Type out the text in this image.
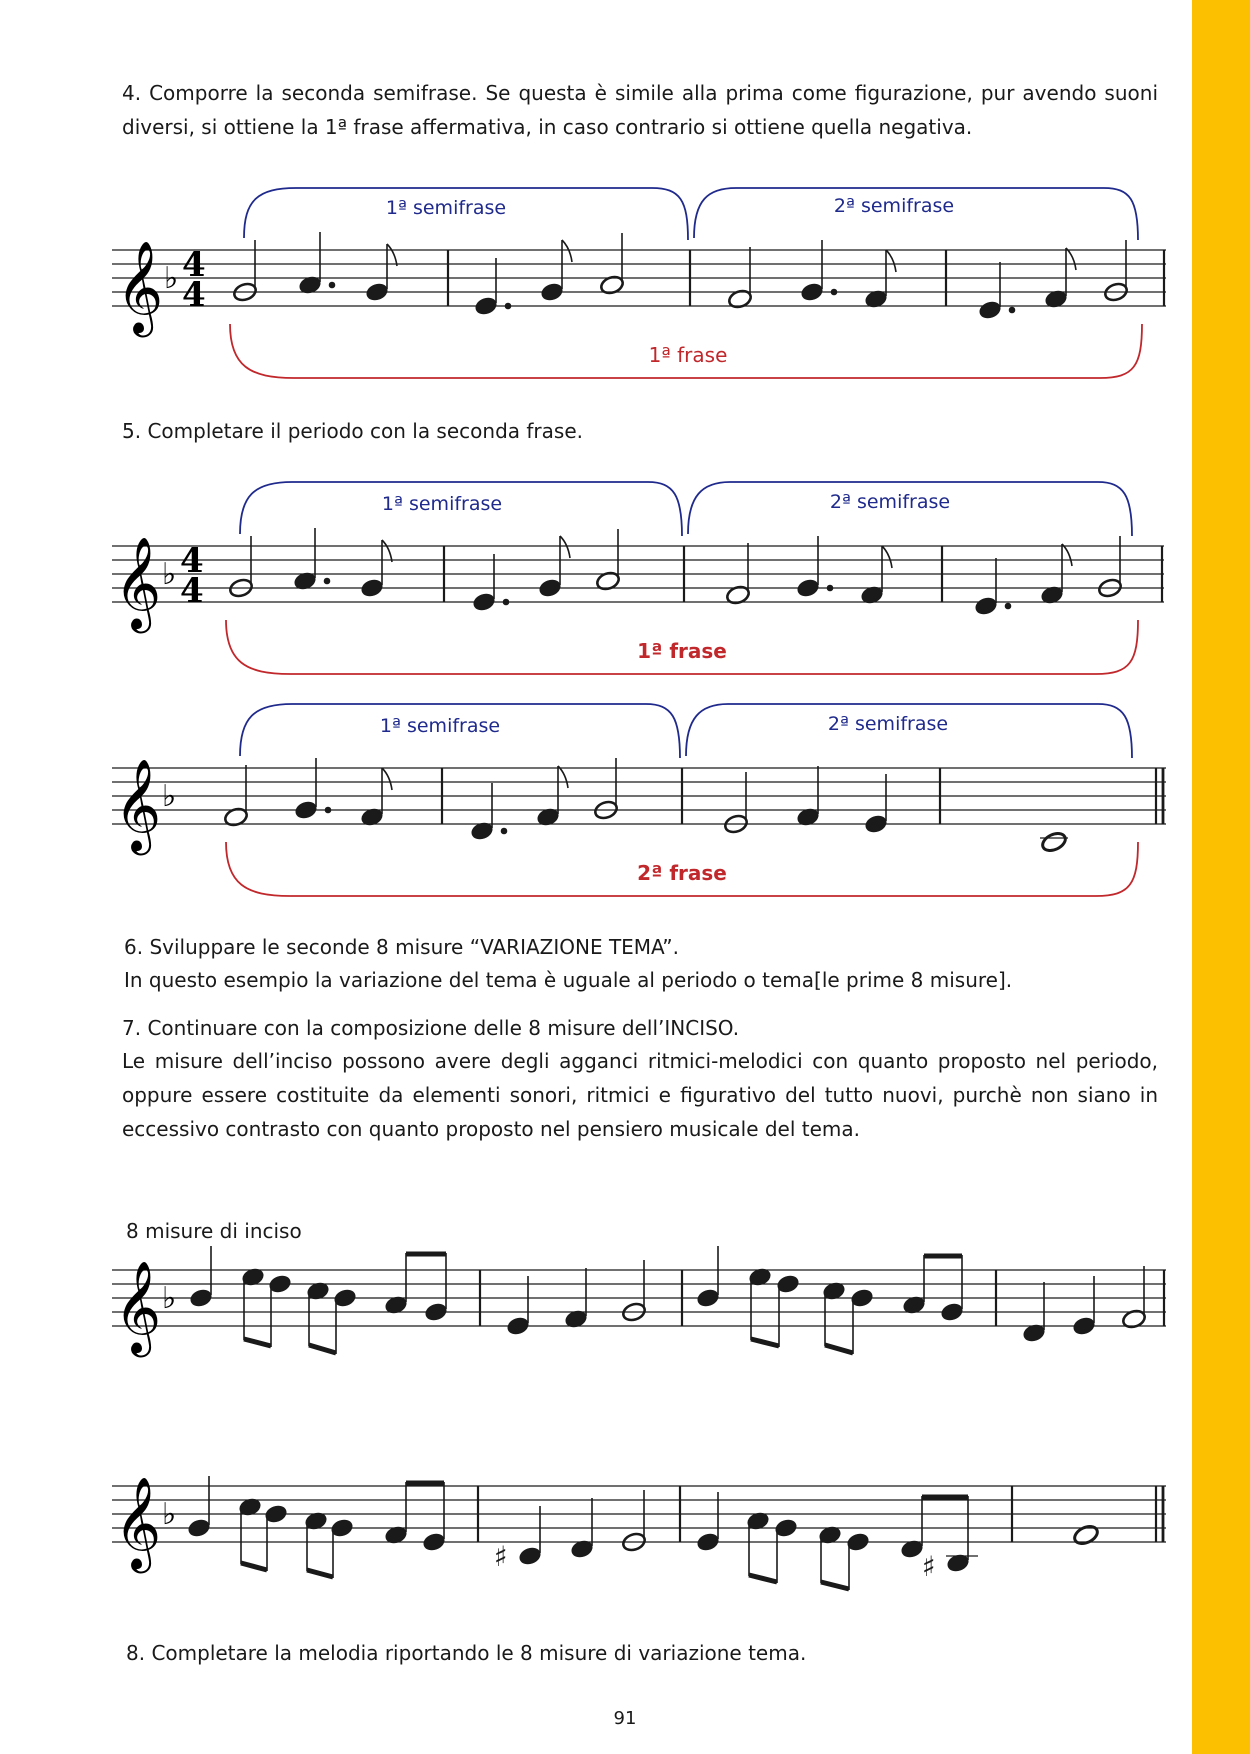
4. Comporre la seconda semifrase. Se questa è simile alla prima come figurazione, pur avendo suoni diversi, si ottiene la 1ª frase affermativa, in caso contrario si ottiene quella negativa.

𝄞 ♭ 4
4
1ª semifrase	2ª semifrase
1ª frase

5. Completare il periodo con la seconda frase.

𝄞 ♭ 4
4
1ª semifrase	2ª semifrase
1ª frase
𝄞 ♭
1ª semifrase	2ª semifrase
2ª frase

6. Sviluppare le seconde 8 misure “VARIAZIONE TEMA”.

In questo esempio la variazione del tema è uguale al periodo o tema[le prime 8 misure].

7. Continuare con la composizione delle 8 misure dell’INCISO.

Le misure dell’inciso possono avere degli agganci ritmici-melodici con quanto proposto nel periodo, oppure essere costituite da elementi sonori, ritmici e figurativo del tutto nuovi, purchè non siano in eccessivo contrasto con quanto proposto nel pensiero musicale del tema.

8 misure di inciso

𝄞 ♭
𝄞 ♭
♯	♯

8. Completare la melodia riportando le 8 misure di variazione tema.

91
